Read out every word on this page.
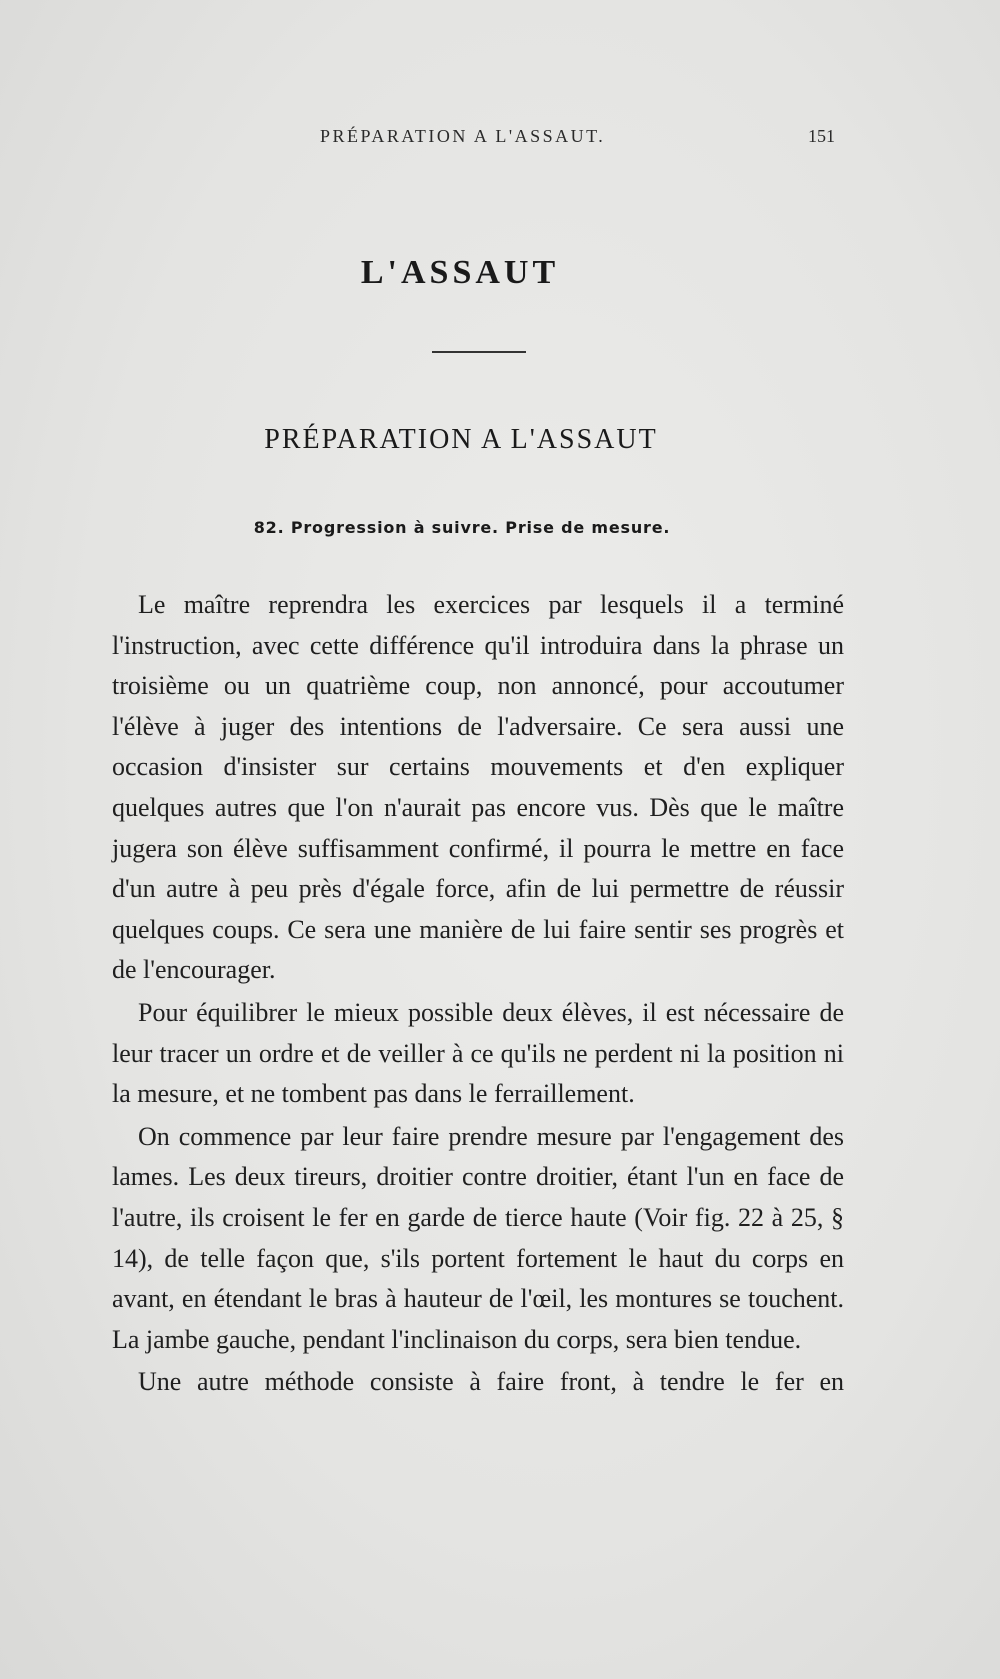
PRÉPARATION A L'ASSAUT.	151
L'ASSAUT
PRÉPARATION A L'ASSAUT
82. Progression à suivre. Prise de mesure.

Le maître reprendra les exercices par lesquels il a terminé l'instruction, avec cette différence qu'il introduira dans la phrase un troisième ou un quatrième coup, non annoncé, pour accoutumer l'élève à juger des intentions de l'adversaire. Ce sera aussi une occasion d'insister sur certains mouvements et d'en expliquer quelques autres que l'on n'aurait pas encore vus. Dès que le maître jugera son élève suffisamment confirmé, il pourra le mettre en face d'un autre à peu près d'égale force, afin de lui permettre de réussir quelques coups. Ce sera une manière de lui faire sentir ses progrès et de l'encourager.

Pour équilibrer le mieux possible deux élèves, il est nécessaire de leur tracer un ordre et de veiller à ce qu'ils ne perdent ni la position ni la mesure, et ne tombent pas dans le ferraillement.

On commence par leur faire prendre mesure par l'engagement des lames. Les deux tireurs, droitier contre droitier, étant l'un en face de l'autre, ils croisent le fer en garde de tierce haute (Voir fig. 22 à 25, § 14), de telle façon que, s'ils portent fortement le haut du corps en avant, en étendant le bras à hauteur de l'œil, les montures se touchent. La jambe gauche, pendant l'inclinaison du corps, sera bien tendue.

Une autre méthode consiste à faire front, à tendre le fer en
